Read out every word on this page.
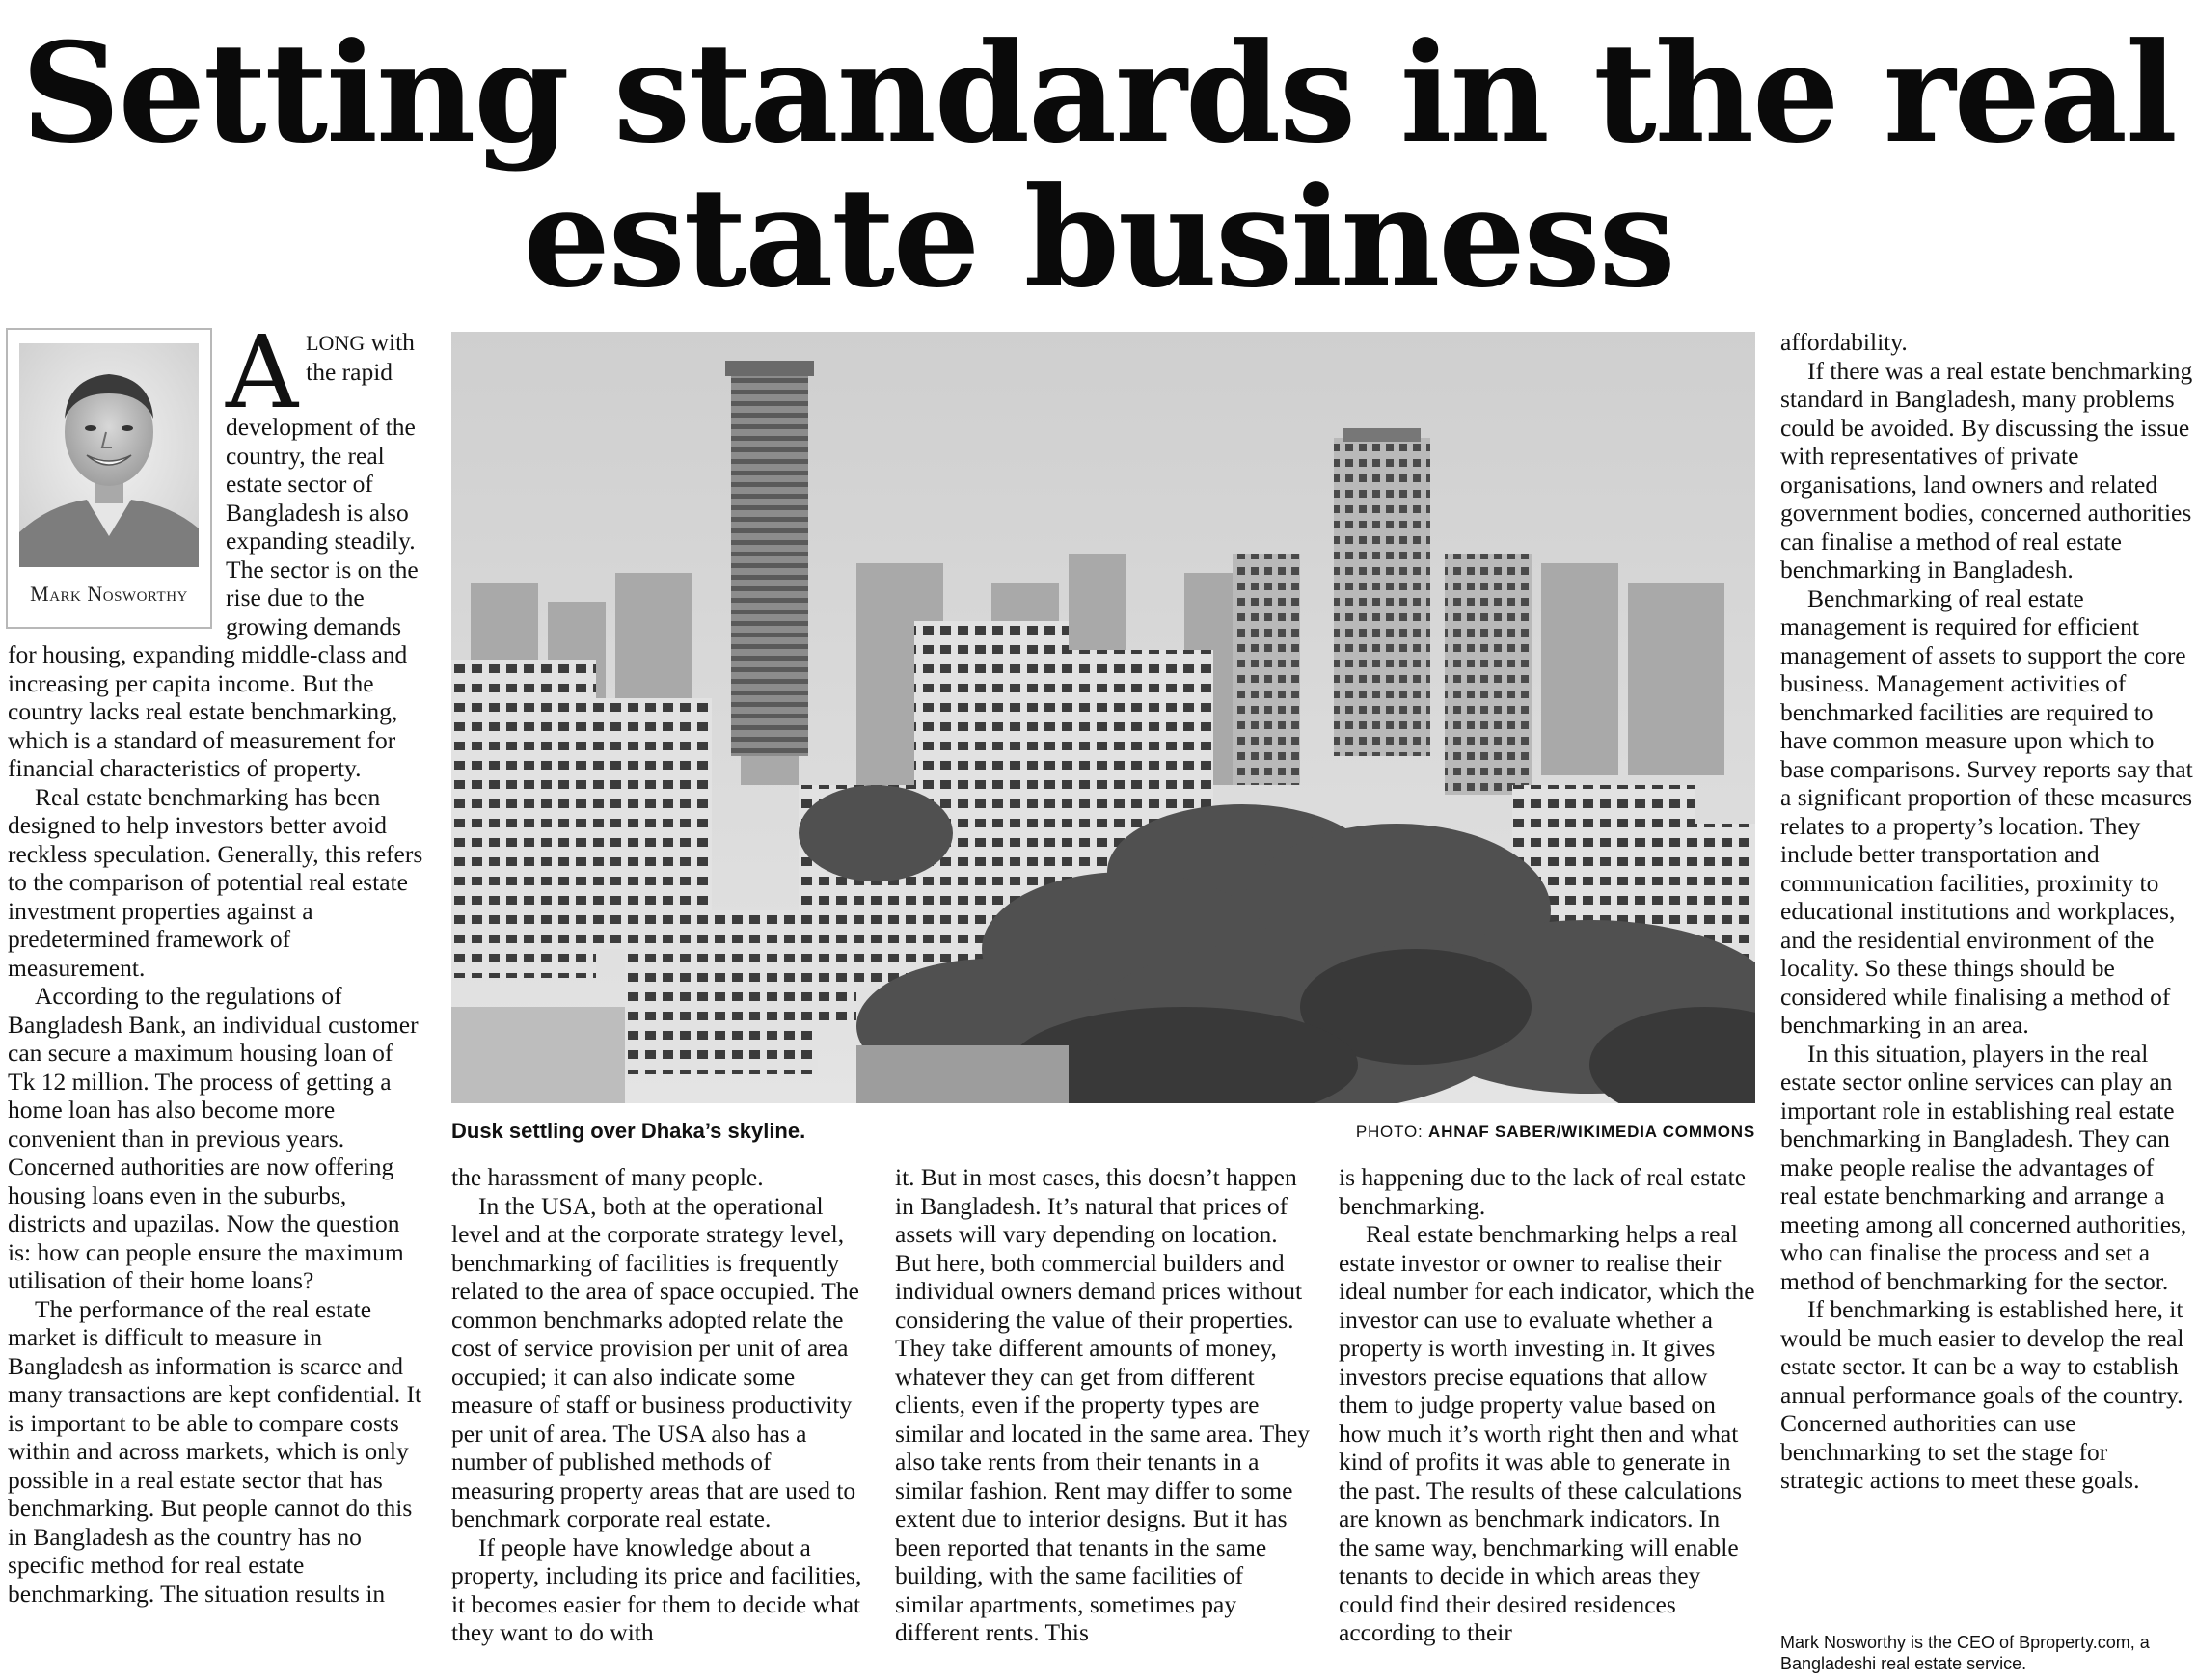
Setting standards in the real estate business
Mark Nosworthy

ALONG with the rapid development of the country, the real estate sector of Bangladesh is also expanding steadily. The sector is on the rise due to the growing demands for housing, expanding middle-class and increasing per capita income. But the country lacks real estate benchmarking, which is a standard of measurement for financial characteristics of property.

Real estate benchmarking has been designed to help investors better avoid reckless speculation. Generally, this refers to the comparison of potential real estate investment properties against a predetermined framework of measurement.

According to the regulations of Bangladesh Bank, an individual customer can secure a maximum housing loan of Tk 12 million. The process of getting a home loan has also become more convenient than in previous years. Concerned authorities are now offering housing loans even in the suburbs, districts and upazilas. Now the question is: how can people ensure the maximum utilisation of their home loans?

The performance of the real estate market is difficult to measure in Bangladesh as information is scarce and many transactions are kept confidential. It is important to be able to compare costs within and across markets, which is only possible in a real estate sector that has benchmarking. But people cannot do this in Bangladesh as the country has no specific method for real estate benchmarking. The situation results in

Dusk settling over Dhaka’s skyline.	PHOTO: AHNAF SABER/WIKIMEDIA COMMONS

the harassment of many people.

In the USA, both at the operational level and at the corporate strategy level, benchmarking of facilities is frequently related to the area of space occupied. The common benchmarks adopted relate the cost of service provision per unit of area occupied; it can also indicate some measure of staff or business productivity per unit of area. The USA also has a number of published methods of measuring property areas that are used to benchmark corporate real estate.

If people have knowledge about a property, including its price and facilities, it becomes easier for them to decide what they want to do with

it. But in most cases, this doesn’t happen in Bangladesh. It’s natural that prices of assets will vary depending on location. But here, both commercial builders and individual owners demand prices without considering the value of their properties. They take different amounts of money, whatever they can get from different clients, even if the property types are similar and located in the same area. They also take rents from their tenants in a similar fashion. Rent may differ to some extent due to interior designs. But it has been reported that tenants in the same building, with the same facilities of similar apartments, sometimes pay different rents. This

is happening due to the lack of real estate benchmarking.

Real estate benchmarking helps a real estate investor or owner to realise their ideal number for each indicator, which the investor can use to evaluate whether a property is worth investing in. It gives investors precise equations that allow them to judge property value based on how much it’s worth right then and what kind of profits it was able to generate in the past. The results of these calculations are known as benchmark indicators. In the same way, benchmarking will enable tenants to decide in which areas they could find their desired residences according to their

affordability.

If there was a real estate benchmarking standard in Bangladesh, many problems could be avoided. By discussing the issue with representatives of private organisations, land owners and related government bodies, concerned authorities can finalise a method of real estate benchmarking in Bangladesh.

Benchmarking of real estate management is required for efficient management of assets to support the core business. Management activities of benchmarked facilities are required to have common measure upon which to base comparisons. Survey reports say that a significant proportion of these measures relates to a property’s location. They include better transportation and communication facilities, proximity to educational institutions and workplaces, and the residential environment of the locality. So these things should be considered while finalising a method of benchmarking in an area.

In this situation, players in the real estate sector online services can play an important role in establishing real estate benchmarking in Bangladesh. They can make people realise the advantages of real estate benchmarking and arrange a meeting among all concerned authorities, who can finalise the process and set a method of benchmarking for the sector.

If benchmarking is established here, it would be much easier to develop the real estate sector. It can be a way to establish annual performance goals of the country. Concerned authorities can use benchmarking to set the stage for strategic actions to meet these goals.

Mark Nosworthy is the CEO of Bproperty.com, a Bangladeshi real estate service.
